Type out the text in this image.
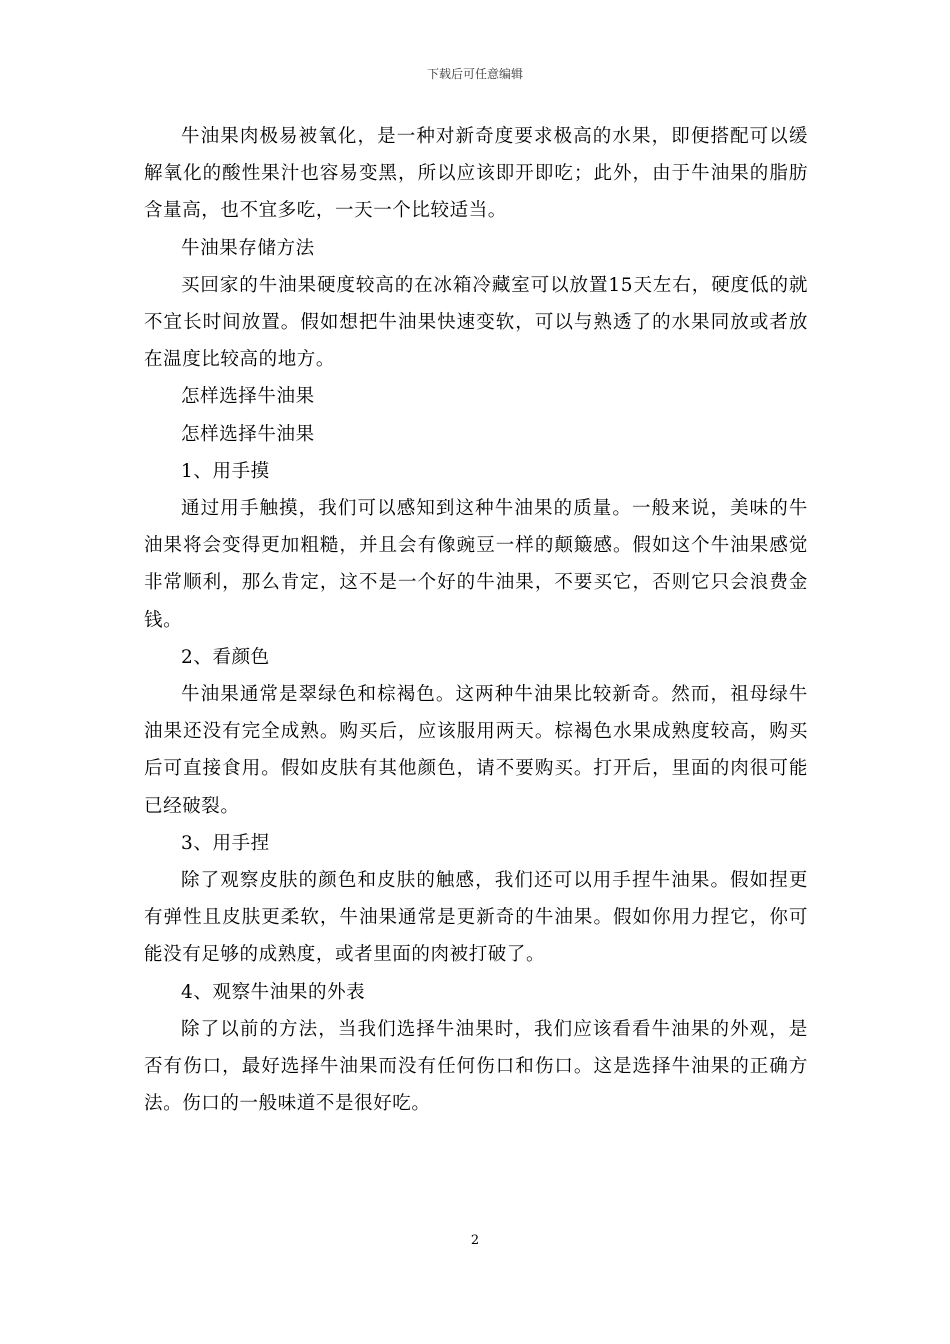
下载后可任意编辑

牛油果肉极易被氧化，是一种对新奇度要求极高的水果，即便搭配可以缓解氧化的酸性果汁也容易变黑，所以应该即开即吃；此外，由于牛油果的脂肪含量高，也不宜多吃，一天一个比较适当。

牛油果存储方法

买回家的牛油果硬度较高的在冰箱冷藏室可以放置15天左右，硬度低的就不宜长时间放置。假如想把牛油果快速变软，可以与熟透了的水果同放或者放在温度比较高的地方。

怎样选择牛油果

怎样选择牛油果

1、用手摸

通过用手触摸，我们可以感知到这种牛油果的质量。一般来说，美味的牛油果将会变得更加粗糙，并且会有像豌豆一样的颠簸感。假如这个牛油果感觉非常顺利，那么肯定，这不是一个好的牛油果，不要买它，否则它只会浪费金钱。

2、看颜色

牛油果通常是翠绿色和棕褐色。这两种牛油果比较新奇。然而，祖母绿牛油果还没有完全成熟。购买后，应该服用两天。棕褐色水果成熟度较高，购买后可直接食用。假如皮肤有其他颜色，请不要购买。打开后，里面的肉很可能已经破裂。

3、用手捏

除了观察皮肤的颜色和皮肤的触感，我们还可以用手捏牛油果。假如捏更有弹性且皮肤更柔软，牛油果通常是更新奇的牛油果。假如你用力捏它，你可能没有足够的成熟度，或者里面的肉被打破了。

4、观察牛油果的外表

除了以前的方法，当我们选择牛油果时，我们应该看看牛油果的外观，是否有伤口，最好选择牛油果而没有任何伤口和伤口。这是选择牛油果的正确方法。伤口的一般味道不是很好吃。

2
